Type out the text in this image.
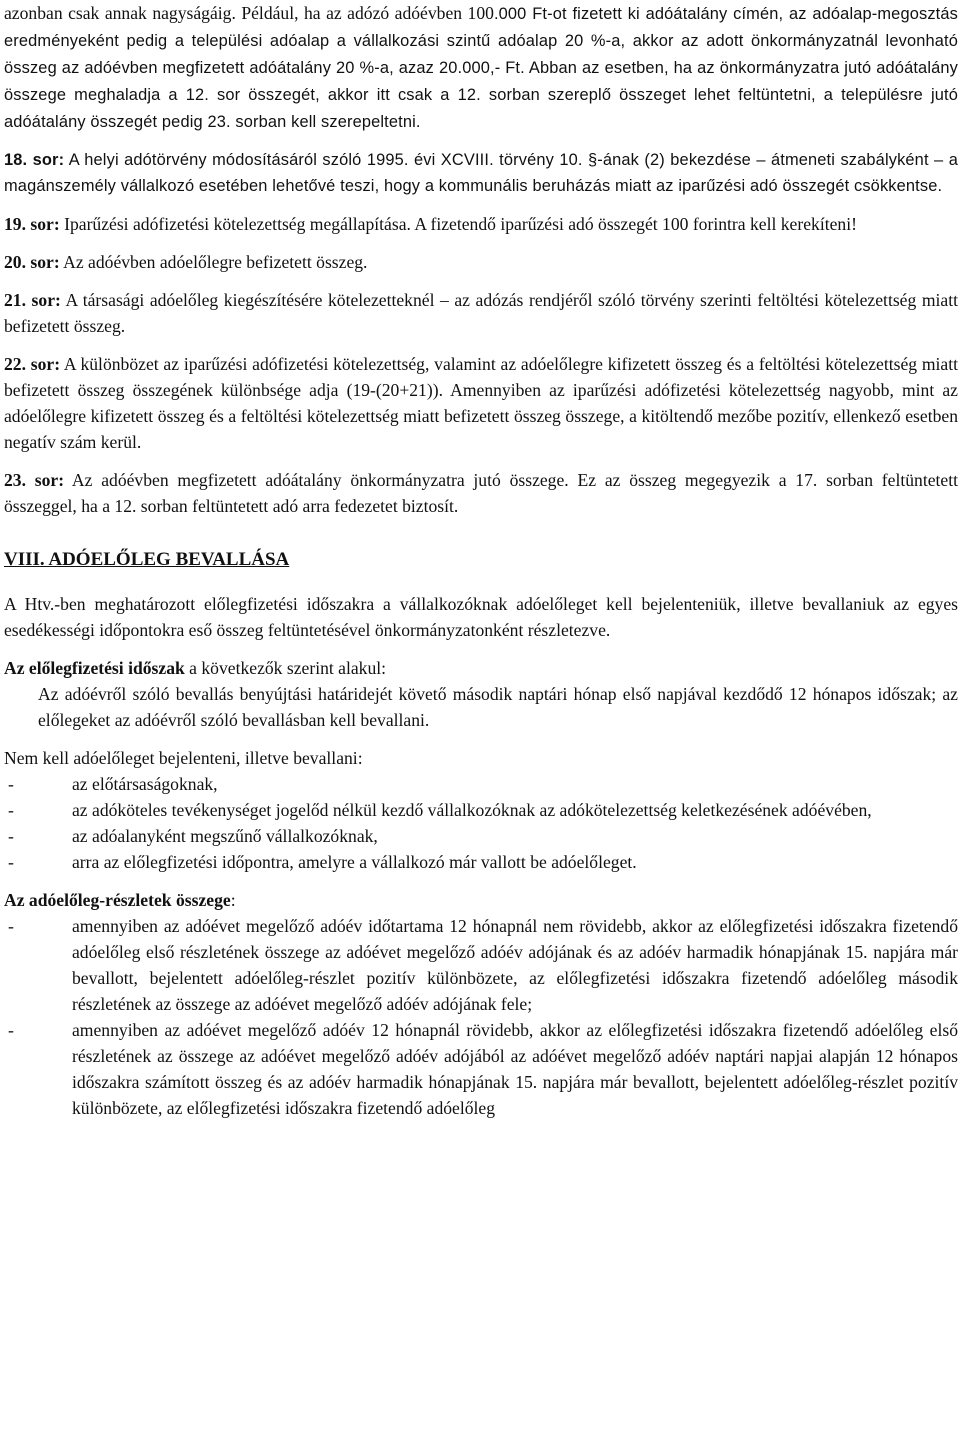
azonban csak annak nagyságáig. Például, ha az adózó adóévben 100.000 Ft-ot fizetett ki adóátalány címén, az adóalap-megosztás eredményeként pedig a települési adóalap a vállalkozási szintű adóalap 20 %-a, akkor az adott önkormányzatnál levonható összeg az adóévben megfizetett adóátalány 20 %-a, azaz 20.000,- Ft. Abban az esetben, ha az önkormányzatra jutó adóátalány összege meghaladja a 12. sor összegét, akkor itt csak a 12. sorban szereplő összeget lehet feltüntetni, a településre jutó adóátalány összegét pedig 23. sorban kell szerepeltetni.

18. sor: A helyi adótörvény módosításáról szóló 1995. évi XCVIII. törvény 10. §-ának (2) bekezdése – átmeneti szabályként – a magánszemély vállalkozó esetében lehetővé teszi, hogy a kommunális beruházás miatt az iparűzési adó összegét csökkentse.

19. sor: Iparűzési adófizetési kötelezettség megállapítása. A fizetendő iparűzési adó összegét 100 forintra kell kerekíteni!

20. sor: Az adóévben adóelőlegre befizetett összeg.

21. sor: A társasági adóelőleg kiegészítésére kötelezetteknél – az adózás rendjéről szóló törvény szerinti feltöltési kötelezettség miatt befizetett összeg.

22. sor: A különbözet az iparűzési adófizetési kötelezettség, valamint az adóelőlegre kifizetett összeg és a feltöltési kötelezettség miatt befizetett összeg összegének különbsége adja (19-(20+21)). Amennyiben az iparűzési adófizetési kötelezettség nagyobb, mint az adóelőlegre kifizetett összeg és a feltöltési kötelezettség miatt befizetett összeg összege, a kitöltendő mezőbe pozitív, ellenkező esetben negatív szám kerül.

23. sor: Az adóévben megfizetett adóátalány önkormányzatra jutó összege. Ez az összeg megegyezik a 17. sorban feltüntetett összeggel, ha a 12. sorban feltüntetett adó arra fedezetet biztosít.

VIII. ADÓELŐLEG BEVALLÁSA

A Htv.-ben meghatározott előlegfizetési időszakra a vállalkozóknak adóelőleget kell bejelenteniük, illetve bevallaniuk az egyes esedékességi időpontokra eső összeg feltüntetésével önkormányzatonként részletezve.

Az előlegfizetési időszak a következők szerint alakul:

Az adóévről szóló bevallás benyújtási határidejét követő második naptári hónap első napjával kezdődő 12 hónapos időszak; az előlegeket az adóévről szóló bevallásban kell bevallani.

Nem kell adóelőleget bejelenteni, illetve bevallani:

- az előtársaságoknak,
- az adóköteles tevékenységet jogelőd nélkül kezdő vállalkozóknak az adókötelezettség keletkezésének adóévében,
- az adóalanyként megszűnő vállalkozóknak,
- arra az előlegfizetési időpontra, amelyre a vállalkozó már vallott be adóelőleget.

Az adóelőleg-részletek összege:

- amennyiben az adóévet megelőző adóév időtartama 12 hónapnál nem rövidebb, akkor az előlegfizetési időszakra fizetendő adóelőleg első részletének összege az adóévet megelőző adóév adójának és az adóév harmadik hónapjának 15. napjára már bevallott, bejelentett adóelőleg-részlet pozitív különbözete, az előlegfizetési időszakra fizetendő adóelőleg második részletének az összege az adóévet megelőző adóév adójának fele;
- amennyiben az adóévet megelőző adóév 12 hónapnál rövidebb, akkor az előlegfizetési időszakra fizetendő adóelőleg első részletének az összege az adóévet megelőző adóév adójából az adóévet megelőző adóév naptári napjai alapján 12 hónapos időszakra számított összeg és az adóév harmadik hónapjának 15. napjára már bevallott, bejelentett adóelőleg-részlet pozitív különbözete, az előlegfizetési időszakra fizetendő adóelőleg
